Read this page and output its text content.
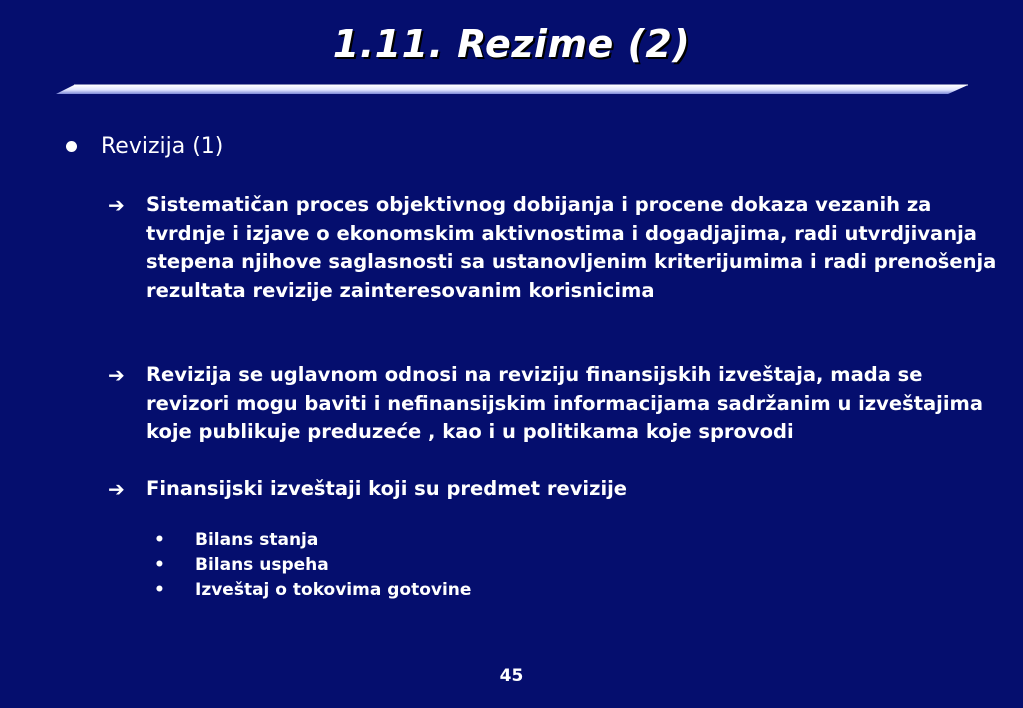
1.11. Rezime (2)
Revizija (1)
➔	Sistematičan proces objektivnog dobijanja i procene dokaza vezanih za tvrdnje i izjave o ekonomskim aktivnostima i dogadjajima, radi utvrdjivanja stepena njihove saglasnosti sa ustanovljenim kriterijumima i radi prenošenja rezultata revizije zainteresovanim korisnicima
➔	Revizija se uglavnom odnosi na reviziju finansijskih izveštaja, mada se revizori mogu baviti i nefinansijskim informacijama sadržanim u izveštajima koje publikuje preduzeće , kao i u politikama koje sprovodi
➔	Finansijski izveštaji koji su predmet revizije
•	Bilans stanja
•	Bilans uspeha
•	Izveštaj o tokovima gotovine
45
